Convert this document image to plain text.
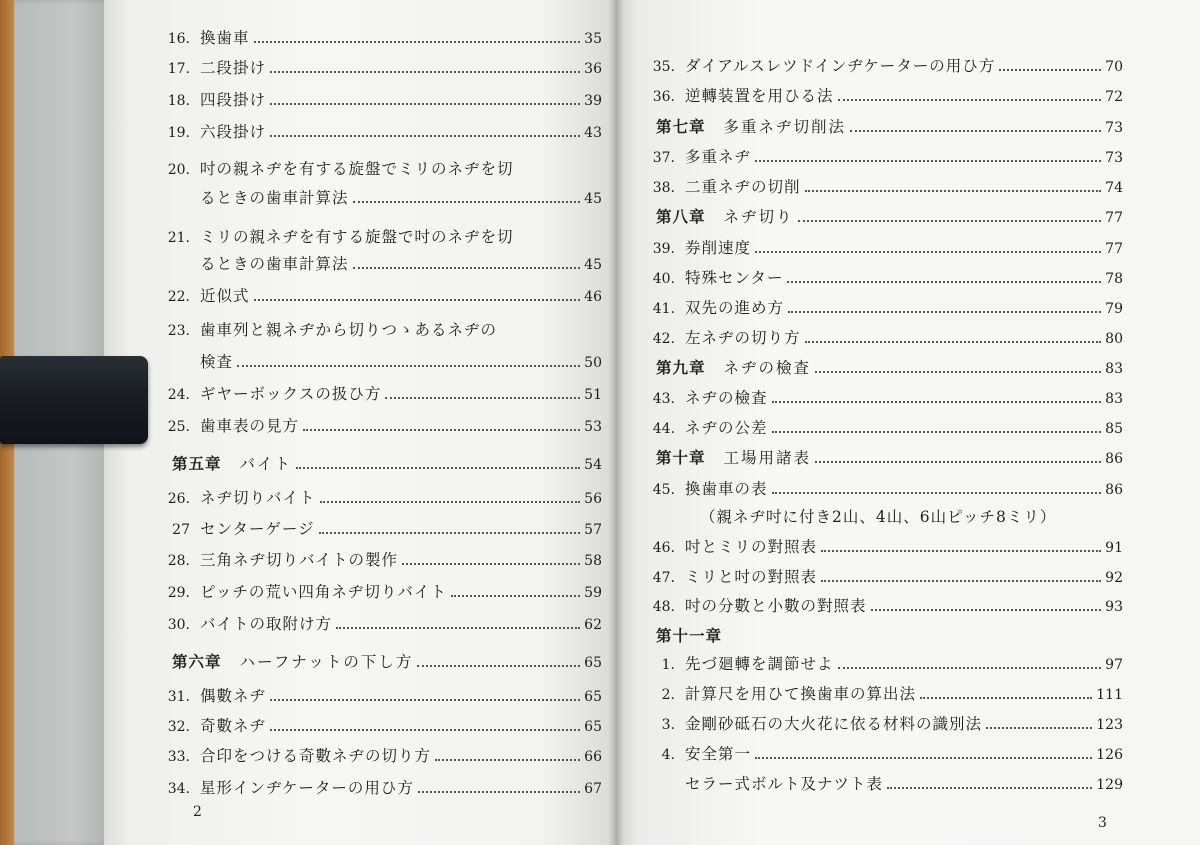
16. 換歯車	35
17. 二段掛け	36
18. 四段掛け	39
19. 六段掛け	43
20. 吋の親ネヂを有する旋盤でミリのネヂを切
るときの歯車計算法	45
21. ミリの親ネヂを有する旋盤で吋のネヂを切
るときの歯車計算法	45
22. 近似式	46
23. 歯車列と親ネヂから切りつゝあるネヂの
検査	50
24. ギヤーボックスの扱ひ方	51
25. 歯車表の見方	53
第五章 バイト	54
26. ネヂ切りバイト	56
27 センターゲージ	57
28. 三角ネヂ切りバイトの製作	58
29. ピッチの荒い四角ネヂ切りバイト	59
30. バイトの取附け方	62
第六章 ハーフナットの下し方	65
31. 偶數ネヂ	65
32. 奇數ネヂ	65
33. 合印をつける奇數ネヂの切り方	66
34. 星形インヂケーターの用ひ方	67
2
35. ダイアルスレツドインヂケーターの用ひ方	70
36. 逆轉装置を用ひる法	72
第七章 多重ネヂ切削法	73
37. 多重ネヂ	73
38. 二重ネヂの切削	74
第八章 ネヂ切り	77
39. 券削速度	77
40. 特殊センター	78
41. 双先の進め方	79
42. 左ネヂの切り方	80
第九章 ネヂの檢査	83
43. ネヂの檢査	83
44. ネヂの公差	85
第十章 工場用諸表	86
45. 換歯車の表	86
（親ネヂ吋に付き2山、4山、6山ピッチ8ミリ）
46. 吋とミリの對照表	91
47. ミリと吋の對照表	92
48. 吋の分數と小數の對照表	93
第十一章
1. 先づ廻轉を調節せよ	97
2. 計算尺を用ひて換歯車の算出法	111
3. 金剛砂砥石の大火花に依る材料の識別法	123
4. 安全第一	126
セラー式ボルト及ナツト表	129
3
